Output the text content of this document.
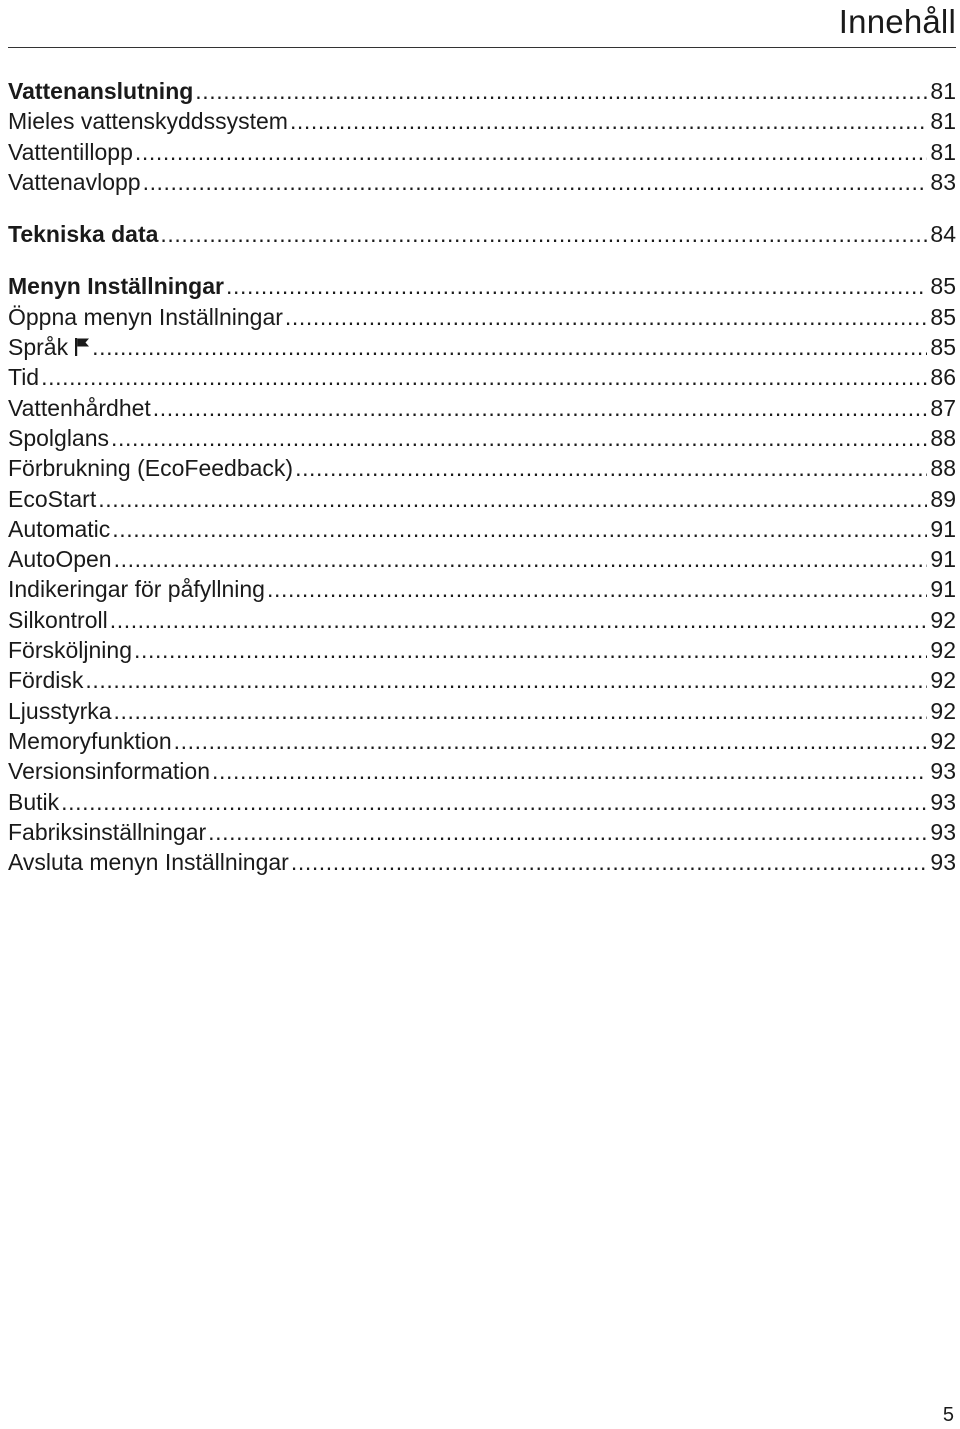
Innehåll
Vattenanslutning .....	81
Mieles vattenskyddssystem .....	81
Vattentillopp .....	81
Vattenavlopp .....	83
Tekniska data .....	84
Menyn Inställningar .....	85
Öppna menyn Inställningar .....	85
Språk .....	85
Tid .....	86
Vattenhårdhet .....	87
Spolglans .....	88
Förbrukning (EcoFeedback) .....	88
EcoStart .....	89
Automatic .....	91
AutoOpen .....	91
Indikeringar för påfyllning .....	91
Silkontroll .....	92
Försköljning .....	92
Fördisk .....	92
Ljusstyrka .....	92
Memoryfunktion .....	92
Versionsinformation .....	93
Butik .....	93
Fabriksinställningar .....	93
Avsluta menyn Inställningar .....	93
5
